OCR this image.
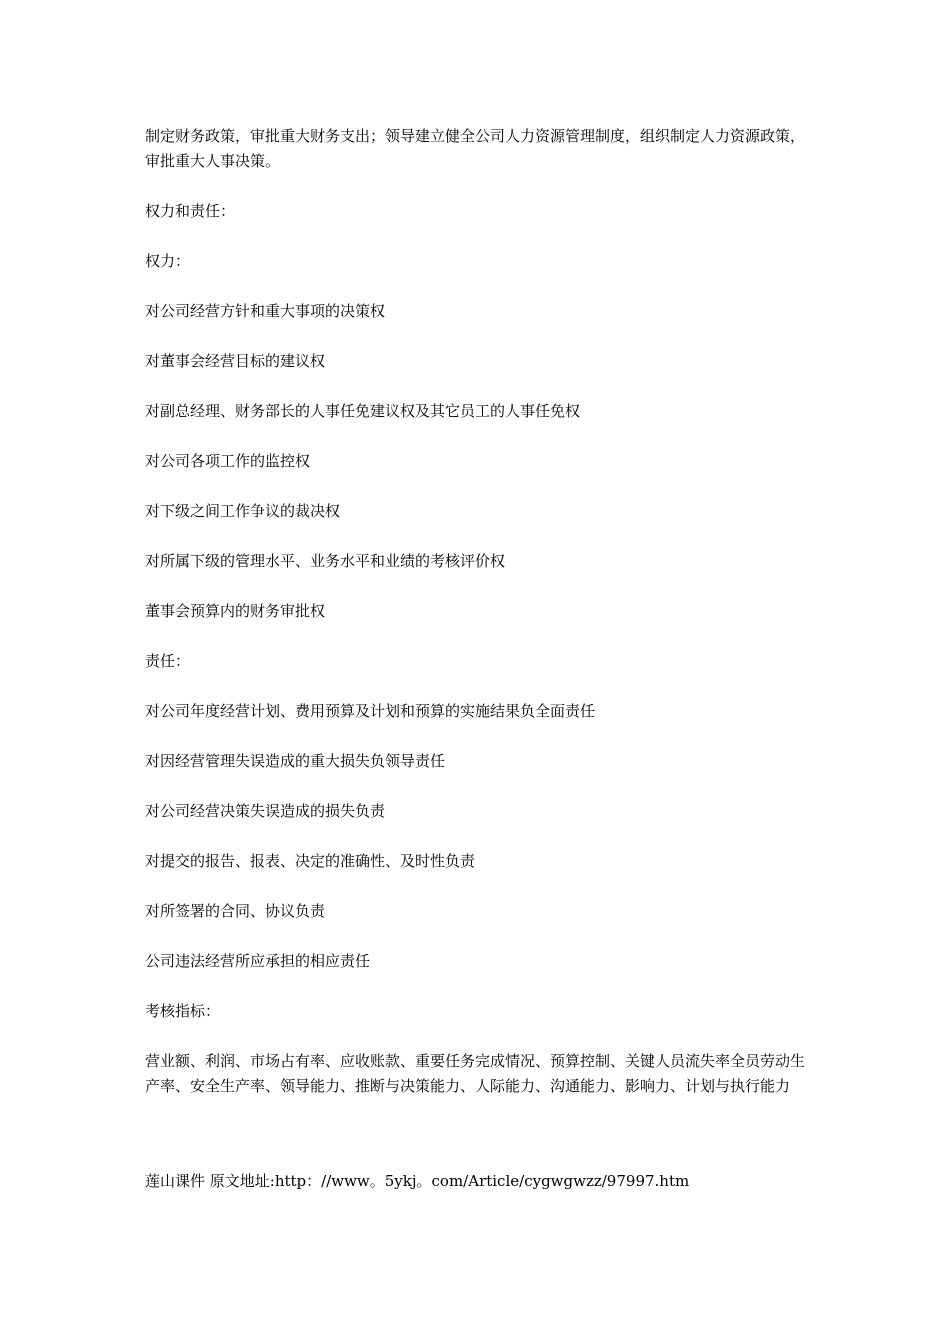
制定财务政策，审批重大财务支出；领导建立健全公司人力资源管理制度，组织制定人力资源政策，审批重大人事决策。

权力和责任：

权力：

对公司经营方针和重大事项的决策权

对董事会经营目标的建议权

对副总经理、财务部长的人事任免建议权及其它员工的人事任免权

对公司各项工作的监控权

对下级之间工作争议的裁决权

对所属下级的管理水平、业务水平和业绩的考核评价权

董事会预算内的财务审批权

责任：

对公司年度经营计划、费用预算及计划和预算的实施结果负全面责任

对因经营管理失误造成的重大损失负领导责任

对公司经营决策失误造成的损失负责

对提交的报告、报表、决定的准确性、及时性负责

对所签署的合同、协议负责

公司违法经营所应承担的相应责任

考核指标：

营业额、利润、市场占有率、应收账款、重要任务完成情况、预算控制、关键人员流失率全员劳动生产率、安全生产率、领导能力、推断与决策能力、人际能力、沟通能力、影响力、计划与执行能力

莲山课件 原文地址:http：//www。5ykj。com/Article/cygwgwzz/97997.htm
